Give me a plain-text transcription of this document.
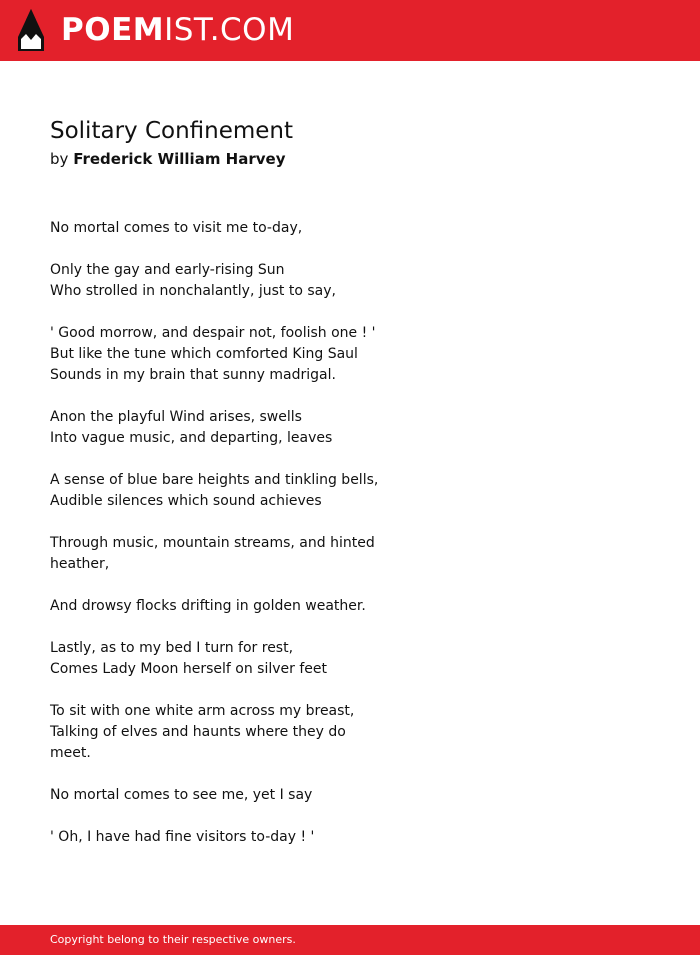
POEMIST.COM
Solitary Confinement
by Frederick William Harvey
No mortal comes to visit me to-day,
Only the gay and early-rising Sun
Who strolled in nonchalantly, just to say,
' Good morrow, and despair not, foolish one ! '
But like the tune which comforted King Saul
Sounds in my brain that sunny madrigal.
Anon the playful Wind arises, swells
Into vague music, and departing, leaves
A sense of blue bare heights and tinkling bells,
Audible silences which sound achieves
Through music, mountain streams, and hinted heather,
And drowsy flocks drifting in golden weather.
Lastly, as to my bed I turn for rest,
Comes Lady Moon herself on silver feet
To sit with one white arm across my breast,
Talking of elves and haunts where they do meet.
No mortal comes to see me, yet I say
' Oh, I have had fine visitors to-day ! '
Copyright belong to their respective owners.
